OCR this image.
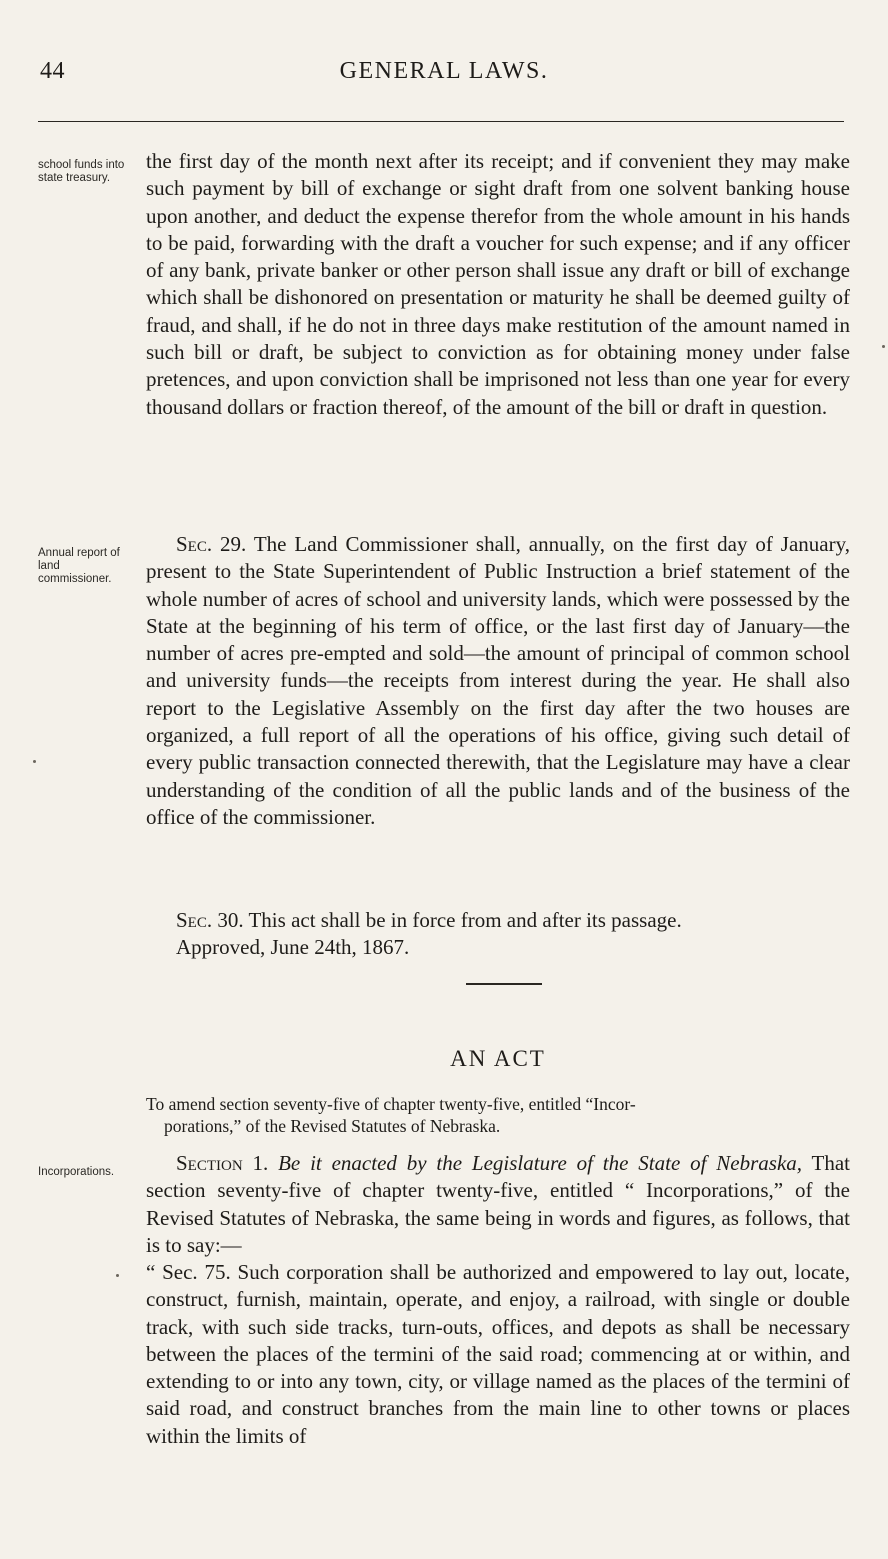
44	GENERAL LAWS.
school funds into state treasury.
Annual report of land commissioner.
Incorporations.

the first day of the month next after its receipt; and if convenient they may make such payment by bill of exchange or sight draft from one solvent banking house upon another, and deduct the expense therefor from the whole amount in his hands to be paid, forwarding with the draft a voucher for such expense; and if any officer of any bank, private banker or other person shall issue any draft or bill of exchange which shall be dishonored on presentation or maturity he shall be deemed guilty of fraud, and shall, if he do not in three days make restitution of the amount named in such bill or draft, be subject to conviction as for obtaining money under false pretences, and upon conviction shall be imprisoned not less than one year for every thousand dollars or fraction thereof, of the amount of the bill or draft in question.

Sec. 29. The Land Commissioner shall, annually, on the first day of January, present to the State Superintendent of Public Instruction a brief statement of the whole number of acres of school and university lands, which were possessed by the State at the beginning of his term of office, or the last first day of January—the number of acres pre-empted and sold—the amount of principal of common school and university funds—the receipts from interest during the year. He shall also report to the Legislative Assembly on the first day after the two houses are organized, a full report of all the operations of his office, giving such detail of every public transaction connected therewith, that the Legislature may have a clear understanding of the condition of all the public lands and of the business of the office of the commissioner.

Sec. 30. This act shall be in force from and after its passage.

Approved, June 24th, 1867.

AN ACT

To amend section seventy-five of chapter twenty-five, entitled “Incor-
porations,” of the Revised Statutes of Nebraska.

Section 1. Be it enacted by the Legislature of the State of Nebraska, That section seventy-five of chapter twenty-five, entitled “ Incorporations,” of the Revised Statutes of Nebraska, the same being in words and figures, as follows, that is to say:—

“ Sec. 75. Such corporation shall be authorized and empowered to lay out, locate, construct, furnish, maintain, operate, and enjoy, a railroad, with single or double track, with such side tracks, turn-outs, offices, and depots as shall be necessary between the places of the termini of the said road; commencing at or within, and extending to or into any town, city, or village named as the places of the termini of said road, and construct branches from the main line to other towns or places within the limits of
